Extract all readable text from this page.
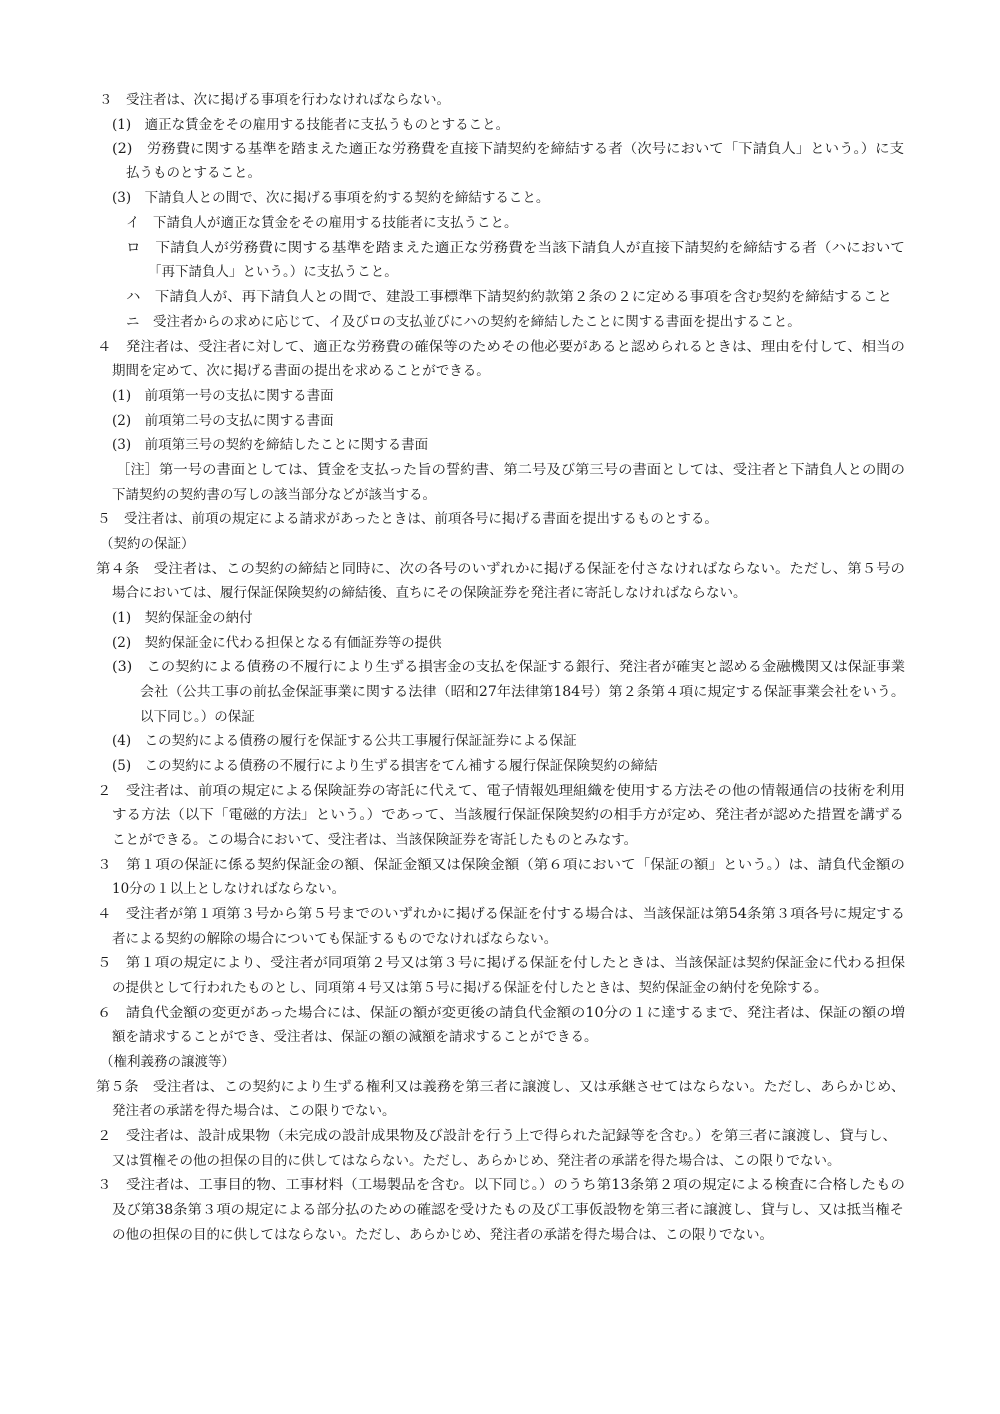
３　受注者は、次に掲げる事項を行わなければならない。
(1)　適正な賃金をその雇用する技能者に支払うものとすること。
(2)　労務費に関する基準を踏まえた適正な労務費を直接下請契約を締結する者（次号において「下請負人」という。）に支
払うものとすること。
(3)　下請負人との間で、次に掲げる事項を約する契約を締結すること。
イ　下請負人が適正な賃金をその雇用する技能者に支払うこと。
ロ　下請負人が労務費に関する基準を踏まえた適正な労務費を当該下請負人が直接下請契約を締結する者（ハにおいて
「再下請負人」という。）に支払うこと。
ハ　下請負人が、再下請負人との間で、建設工事標準下請契約約款第２条の２に定める事項を含む契約を締結すること
ニ　受注者からの求めに応じて、イ及びロの支払並びにハの契約を締結したことに関する書面を提出すること。
４　発注者は、受注者に対して、適正な労務費の確保等のためその他必要があると認められるときは、理由を付して、相当の
期間を定めて、次に掲げる書面の提出を求めることができる。
(1)　前項第一号の支払に関する書面
(2)　前項第二号の支払に関する書面
(3)　前項第三号の契約を締結したことに関する書面
［注］第一号の書面としては、賃金を支払った旨の誓約書、第二号及び第三号の書面としては、受注者と下請負人との間の
下請契約の契約書の写しの該当部分などが該当する。
５　受注者は、前項の規定による請求があったときは、前項各号に掲げる書面を提出するものとする。
（契約の保証）
第４条　受注者は、この契約の締結と同時に、次の各号のいずれかに掲げる保証を付さなければならない。ただし、第５号の
場合においては、履行保証保険契約の締結後、直ちにその保険証券を発注者に寄託しなければならない。
(1)　契約保証金の納付
(2)　契約保証金に代わる担保となる有価証券等の提供
(3)　この契約による債務の不履行により生ずる損害金の支払を保証する銀行、発注者が確実と認める金融機関又は保証事業
会社（公共工事の前払金保証事業に関する法律（昭和27年法律第184号）第２条第４項に規定する保証事業会社をいう。
以下同じ。）の保証
(4)　この契約による債務の履行を保証する公共工事履行保証証券による保証
(5)　この契約による債務の不履行により生ずる損害をてん補する履行保証保険契約の締結
２　受注者は、前項の規定による保険証券の寄託に代えて、電子情報処理組織を使用する方法その他の情報通信の技術を利用
する方法（以下「電磁的方法」という。）であって、当該履行保証保険契約の相手方が定め、発注者が認めた措置を講ずる
ことができる。この場合において、受注者は、当該保険証券を寄託したものとみなす。
３　第１項の保証に係る契約保証金の額、保証金額又は保険金額（第６項において「保証の額」という。）は、請負代金額の
10分の１以上としなければならない。
４　受注者が第１項第３号から第５号までのいずれかに掲げる保証を付する場合は、当該保証は第54条第３項各号に規定する
者による契約の解除の場合についても保証するものでなければならない。
５　第１項の規定により、受注者が同項第２号又は第３号に掲げる保証を付したときは、当該保証は契約保証金に代わる担保
の提供として行われたものとし、同項第４号又は第５号に掲げる保証を付したときは、契約保証金の納付を免除する。
６　請負代金額の変更があった場合には、保証の額が変更後の請負代金額の10分の１に達するまで、発注者は、保証の額の増
額を請求することができ、受注者は、保証の額の減額を請求することができる。
（権利義務の譲渡等）
第５条　受注者は、この契約により生ずる権利又は義務を第三者に譲渡し、又は承継させてはならない。ただし、あらかじめ、
発注者の承諾を得た場合は、この限りでない。
２　受注者は、設計成果物（未完成の設計成果物及び設計を行う上で得られた記録等を含む。）を第三者に譲渡し、貸与し、
又は質権その他の担保の目的に供してはならない。ただし、あらかじめ、発注者の承諾を得た場合は、この限りでない。
３　受注者は、工事目的物、工事材料（工場製品を含む。以下同じ。）のうち第13条第２項の規定による検査に合格したもの
及び第38条第３項の規定による部分払のための確認を受けたもの及び工事仮設物を第三者に譲渡し、貸与し、又は抵当権そ
の他の担保の目的に供してはならない。ただし、あらかじめ、発注者の承諾を得た場合は、この限りでない。
